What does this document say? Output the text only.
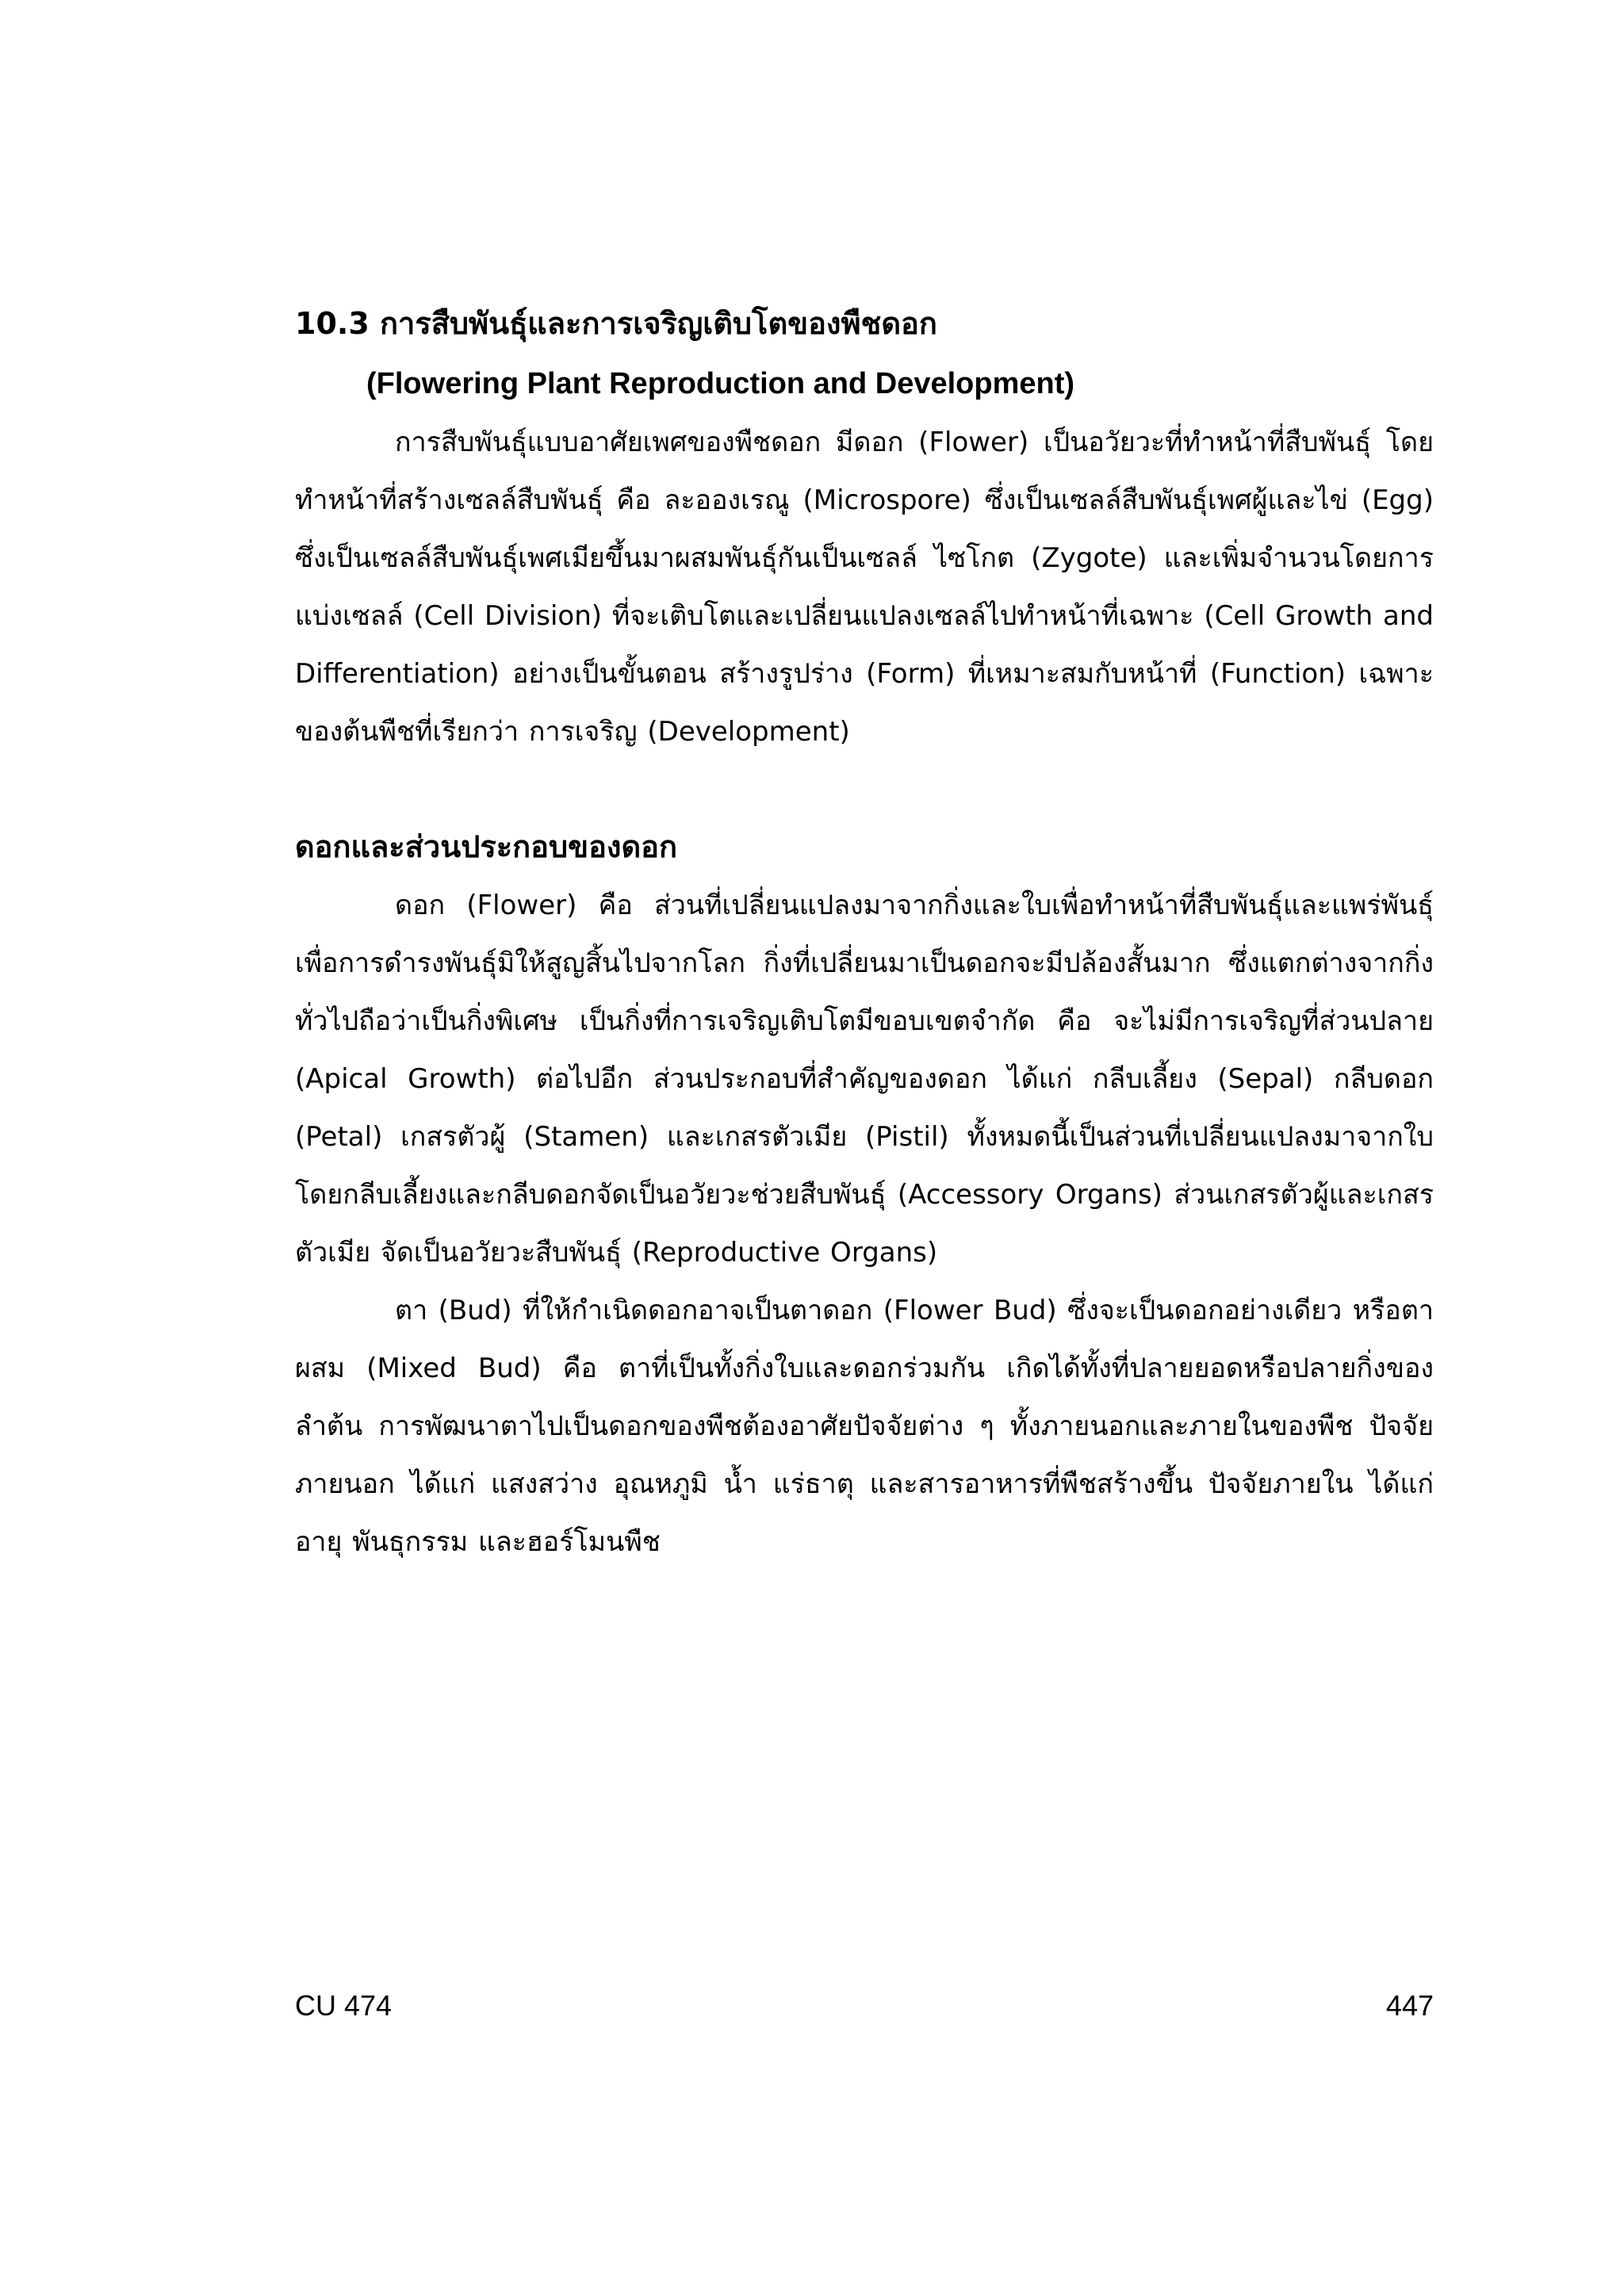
10.3 การสืบพันธุ์และการเจริญเติบโตของพืชดอก
(Flowering Plant Reproduction and Development)

การสืบพันธุ์แบบอาศัยเพศของพืชดอก มีดอก (Flower) เป็นอวัยวะที่ทำหน้าที่สืบพันธุ์ โดยทำหน้าที่สร้างเซลล์สืบพันธุ์ คือ ละอองเรณู (Microspore) ซึ่งเป็นเซลล์สืบพันธุ์เพศผู้และไข่ (Egg) ซึ่งเป็นเซลล์สืบพันธุ์เพศเมียขึ้นมาผสมพันธุ์กันเป็นเซลล์ ไซโกต (Zygote) และเพิ่มจำนวนโดยการแบ่งเซลล์ (Cell Division) ที่จะเติบโตและเปลี่ยนแปลงเซลล์ไปทำหน้าที่เฉพาะ (Cell Growth and Differentiation) อย่างเป็นขั้นตอน สร้างรูปร่าง (Form) ที่เหมาะสมกับหน้าที่ (Function) เฉพาะของต้นพืชที่เรียกว่า การเจริญ (Development)

ดอกและส่วนประกอบของดอก

ดอก (Flower) คือ ส่วนที่เปลี่ยนแปลงมาจากกิ่งและใบเพื่อทำหน้าที่สืบพันธุ์และแพร่พันธุ์ เพื่อการดำรงพันธุ์มิให้สูญสิ้นไปจากโลก กิ่งที่เปลี่ยนมาเป็นดอกจะมีปล้องสั้นมาก ซึ่งแตกต่างจากกิ่งทั่วไปถือว่าเป็นกิ่งพิเศษ เป็นกิ่งที่การเจริญเติบโตมีขอบเขตจำกัด คือ จะไม่มีการเจริญที่ส่วนปลาย (Apical Growth) ต่อไปอีก ส่วนประกอบที่สำคัญของดอก ได้แก่ กลีบเลี้ยง (Sepal) กลีบดอก (Petal) เกสรตัวผู้ (Stamen) และเกสรตัวเมีย (Pistil) ทั้งหมดนี้เป็นส่วนที่เปลี่ยนแปลงมาจากใบ โดยกลีบเลี้ยงและกลีบดอกจัดเป็นอวัยวะช่วยสืบพันธุ์ (Accessory Organs) ส่วนเกสรตัวผู้และเกสรตัวเมีย จัดเป็นอวัยวะสืบพันธุ์ (Reproductive Organs)

ตา (Bud) ที่ให้กำเนิดดอกอาจเป็นตาดอก (Flower Bud) ซึ่งจะเป็นดอกอย่างเดียว หรือตาผสม (Mixed Bud) คือ ตาที่เป็นทั้งกิ่งใบและดอกร่วมกัน เกิดได้ทั้งที่ปลายยอดหรือปลายกิ่งของลำต้น การพัฒนาตาไปเป็นดอกของพืชต้องอาศัยปัจจัยต่าง ๆ ทั้งภายนอกและภายในของพืช ปัจจัยภายนอก ได้แก่ แสงสว่าง อุณหภูมิ น้ำ แร่ธาตุ และสารอาหารที่พืชสร้างขึ้น ปัจจัยภายใน ได้แก่ อายุ พันธุกรรม และฮอร์โมนพืช

CU 474	447
